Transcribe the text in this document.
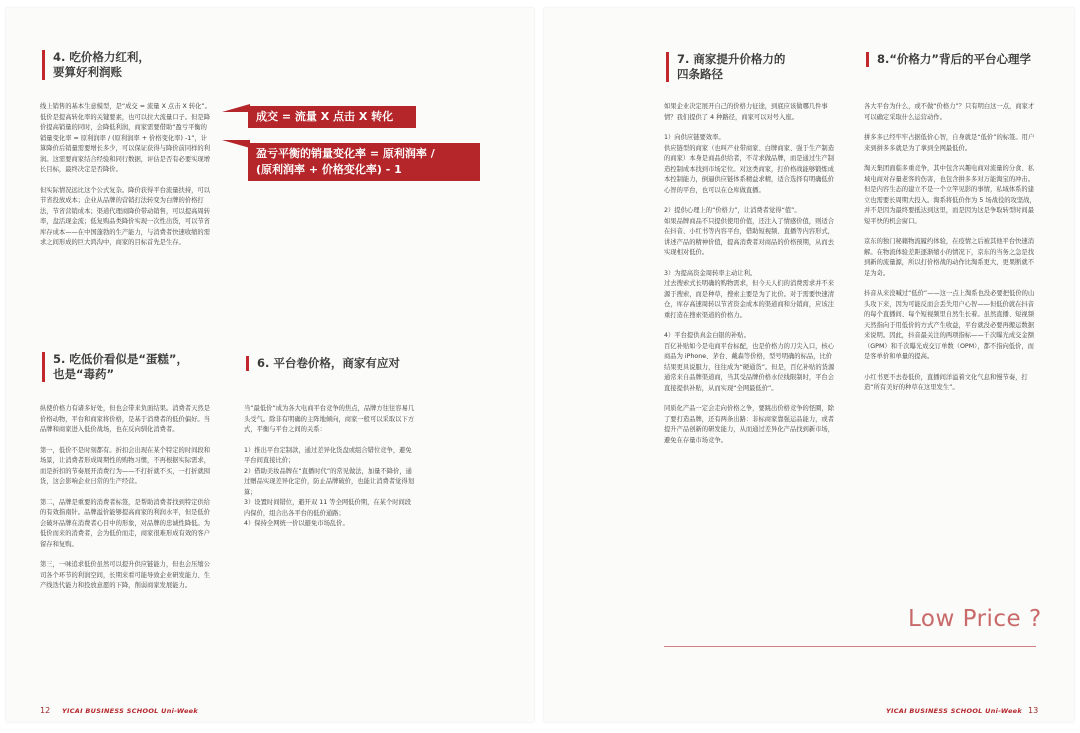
4. 吃价格力红利，
要算好利润账

线上销售的基本生意模型，是“成交 = 流量 X 点击 X 转化”。低价是提高转化率的关键要素，也可以拉大流量口子。但是降价提高销量的同时，会降低利润，商家需要借助“盈亏平衡的销量变化率 = 原利润率 / (原利润率 + 价格变化率) -1”，计算降价后销量需要增长多少，可以保证获得与降价前同样的利润。这需要商家结合经验和同行数据，评估是否有必要实现增长目标，最终决定是否降价。

但实际情况远比这个公式复杂。降价获得平台流量扶持，可以节省投放成本；企业从品牌的营销打法转变为白牌的价格打法，节省营销成本；渠道代理商降价带动销售，可以提高周转率，盘活现金流；低复购品类降价实现一次性出货，可以节省库存成本——在中国蓬勃的生产能力，与消费者快速收缩的需求之间形成的巨大鸿沟中，商家的目标首先是生存。

成交 = 流量 X 点击 X 转化
盈亏平衡的销量变化率 = 原利润率 /
(原利润率 + 价格变化率) - 1
5. 吃低价看似是“蛋糕”，
也是“毒药”

纵使价格力有诸多好处，但也会带来负面结果。消费者天然是价格动物，平台和商家将价格，是基于消费者的低价偏好。当品牌和商家进入低价战场，也在反向驯化消费者。

第一，低价不是时刻都有。折扣会出现在某个特定的时间段和场景，让消费者形成周期性的购物习惯，不再根据实际需求，而是折扣的节奏展开消费行为——不打折就不买，一打折就囤货，这会影响企业日常的生产经营。

第二，品牌是重要的消费者标签，是帮助消费者找到特定供给的有效指南针。品牌溢价能够提高商家的利润水平，但是低价会破坏品牌在消费者心目中的形象，对品牌的忠诚性降低。为低价而来的消费者，会为低价而走，商家很难形成有效的客户留存和复购。

第三，一味追求低价虽然可以提升供应链能力，但也会压缩公司各个环节的利润空间，长期来看可能导致企业研发能力、生产线迭代能力和投放意愿的下降，削弱商家发展能力。

6. 平台卷价格，商家有应对

当“最低价”成为各大电商平台竞争的焦点，品牌方往往容易几头受气。除非有明确的主阵地倾向，商家一般可以采取以下方式，平衡与平台之间的关系：

1）推出平台定制款，通过差异化货盘或组合错位竞争，避免平台间直接比价；
2）借助美妆品牌在“直播时代”的常见做法，加量不降价，通过赠品实现差异化定价，防止品牌破价，也能让消费者觉得划算；
3）设置时间错位，避开双 11 等全网低价期，在某个时间段内保价，组合出各平台的低价通路；
4）保持全网统一价以避免市场乱价。

12 YICAI BUSINESS SCHOOL Uni-Week
7. 商家提升价格力的
四条路径

如果企业决定展开自己的价格力征途，到底应该做哪几件事情？我们提供了 4 种路径，商家可以对号入座。

1）向供应链要效率。
供应链型的商家（也叫产业带商家、白牌商家、强于生产制造的商家）本身是商品供给者，不苛求做品牌，而是通过生产制造控制成本找到市场定位。对这类商家，打价格战能够锻炼成本控制能力，倒逼供应链体系精益求精，适合选择有明确低价心智的平台，也可以在仓库做直播。

2）提供心理上的“价格力”，让消费者觉得“值”。
如果品牌商品不只提供使用价值，还注入了情感价值，则适合在抖音、小红书等内容平台，借助短视频、直播等内容形式，讲述产品的精神价值，提高消费者对商品的价格预期，从而去实现相对低价。

3）为提高资金周转率主动让利。
过去搜索式长明确的购物需求，但今天人们的消费需求并不来源于搜索，而是种草，搜索主要是为了比价。对于需要快速清仓，库存高速周转以节省资金成本的渠道商和分销商，应该注重打造在搜索渠道的价格力。

4）平台提供真金白银的补贴。
百亿补贴如今是电商平台标配，也是价格力的刀尖入口，核心商品为 iPhone、茅台、戴森等价格，型号明确的标品，比价结果更具说服力，往往成为“硬通货”。但是，百亿补贴的货源通常来自品牌渠道商，当其受品牌价格水位线限制时，平台会直接提供补贴，从而实现“全网最低价”。

同质化产品一定会走向价格之争，要跳出价格竞争的怪圈，除了要打造品牌，还有两条出路：非标商家靠强运品能力，或者提升产品创新的研发能力，从而通过差异化产品找到新市场，避免在存量市场竞争。

8.“价格力”背后的平台心理学

各大平台为什么，或不做“价格力”？只有明白这一点，商家才可以确定采取什么运营动作。

拼多多已经牢牢占据低价心智，自身就是“低价”的标签。用户来到拼多多就是为了拿到全网最低价。

淘天集团面临多重竞争，其中包含兴趣电商对流量的分食、私域电商对存量老客的伤害，也包含拼多多对万能淘宝的冲击。但是内容生态的建立不是一个立竿见影的事情，私域体系的建立也需要长周期大投入。淘系将低价作为 5 场战役的攻坚战，并不是因为最终要抵达到这里，而是因为这是争取转型时间最短平快的机会窗口。

京东的独门秘籍物流履约体验，在疫情之后被其他平台快速消解。在物流体验差距逐渐缩小的情况下，京东的当务之急是找到新的流量源，所以打价格战的动作比淘系更大，更果断就不足为奇。

抖音从来没喊过“低价”——这一点上淘系也没必要把低价的山头攻下来，因为可能反而会丢失用户心智——但低价就在抖音的每个直播间、每个短视频里自然生长着。虽然直播、短视频天然指向于用低价的方式产生收益，平台就没必要再搬运数据来说明。因此，抖音最关注的两项指标——千次曝光成交金额（GPM）和千次曝光成交订单数（OPM），都不指向低价，而是客单价和单量的提高。

小红书更不去卷低价，直播间洋溢着文化气息和慢节奏，打造“所有美好的种草在这里发生”。

Low Price ?
YICAI BUSINESS SCHOOL Uni-Week 13
